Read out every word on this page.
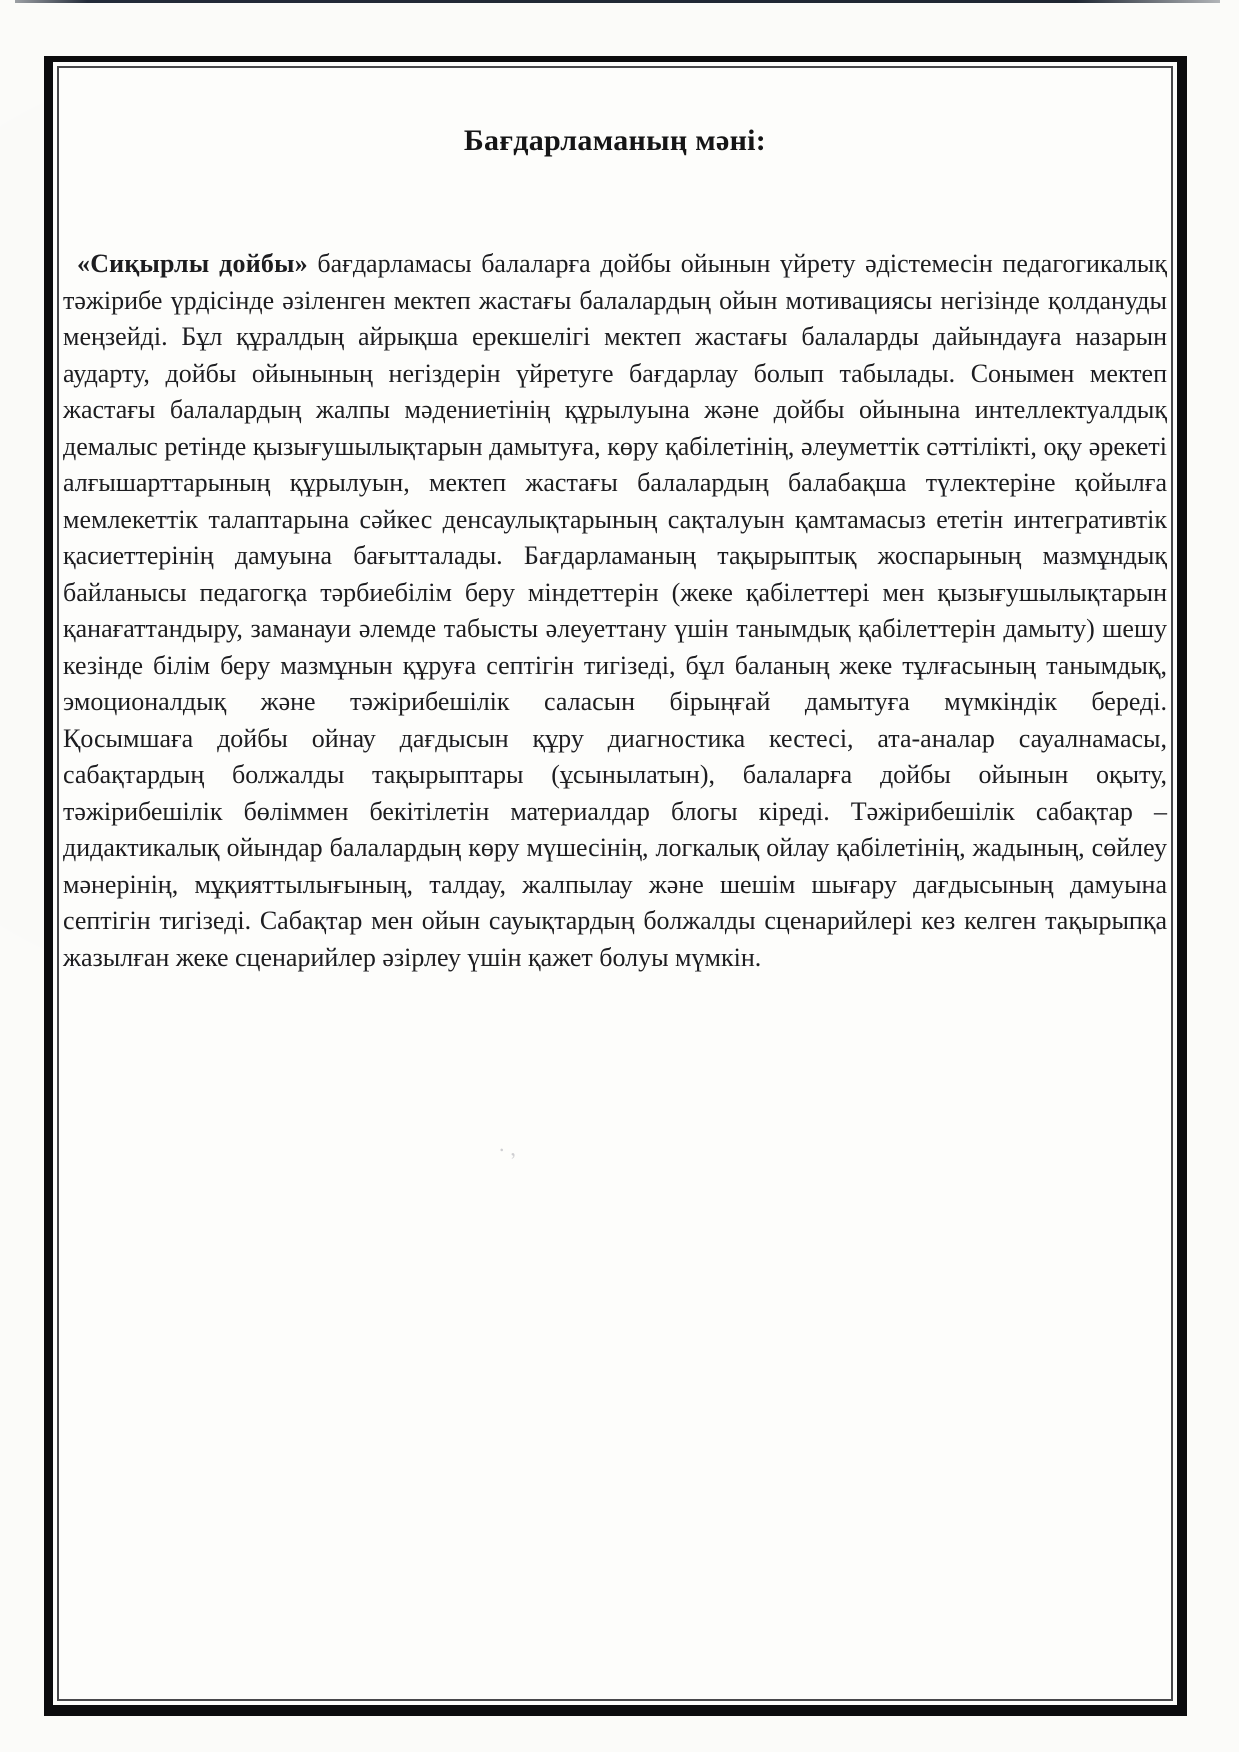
Бағдарламаның мәні:
«Сиқырлы дойбы» бағдарламасы балаларға дойбы ойынын үйрету әдістемесін педагогикалық тәжірибе үрдісінде әзіленген мектеп жастағы балалардың ойын мотивациясы негізінде қолдануды меңзейді. Бұл құралдың айрықша ерекшелігі мектеп жастағы балаларды дайындауға назарын аударту, дойбы ойынының негіздерін үйретуге бағдарлау болып табылады. Сонымен мектеп жастағы балалардың жалпы мәдениетінің құрылуына және дойбы ойынына интеллектуалдық демалыс ретінде қызығушылықтарын дамытуға, көру қабілетінің, әлеуметтік сәттілікті, оқу әрекеті алғышарттарының құрылуын, мектеп жастағы балалардың балабақша түлектеріне қойылға мемлекеттік талаптарына сәйкес денсаулықтарының сақталуын қамтамасыз ететін интегративтік қасиеттерінің дамуына бағытталады. Бағдарламаның тақырыптық жоспарының мазмұндық байланысы педагогқа тәрбиебілім беру міндеттерін (жеке қабілеттері мен қызығушылықтарын қанағаттандыру, заманауи әлемде табысты әлеуеттану үшін танымдық қабілеттерін дамыту) шешу кезінде білім беру мазмұнын құруға септігін тигізеді, бұл баланың жеке тұлғасының танымдық, эмоционалдық және тәжірибешілік саласын бірыңғай дамытуға мүмкіндік береді.
Қосымшаға дойбы ойнау дағдысын құру диагностика кестесі, ата-аналар сауалнамасы, сабақтардың болжалды тақырыптары (ұсынылатын), балаларға дойбы ойынын оқыту, тәжірибешілік бөліммен бекітілетін материалдар блогы кіреді. Тәжірибешілік сабақтар – дидактикалық ойындар балалардың көру мүшесінің, логкалық ойлау қабілетінің, жадының, сөйлеу мәнерінің, мұқияттылығының, талдау, жалпылау және шешім шығару дағдысының дамуына септігін тигізеді. Сабақтар мен ойын сауықтардың болжалды сценарийлері кез келген тақырыпқа жазылған жеке сценарийлер әзірлеу үшін қажет болуы мүмкін.
·,
